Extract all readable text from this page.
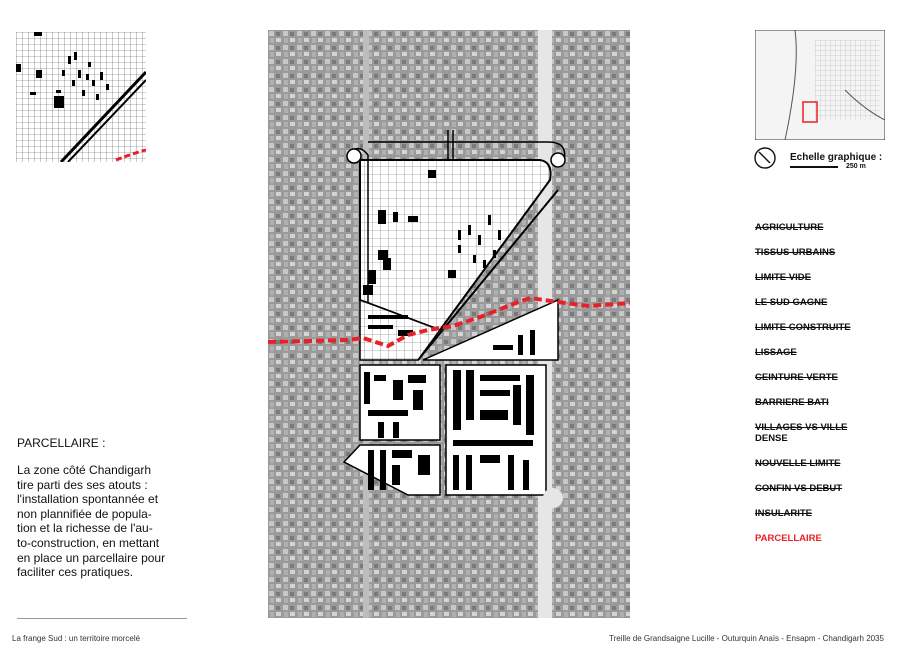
Echelle graphique :
250 m

AGRICULTURE

TISSUS URBAINS

LIMITE VIDE

LE SUD GAGNE

LIMITE CONSTRUITE

LISSAGE

CEINTURE VERTE

BARRIERE BATI

VILLAGES VS VILLE

DENSE

NOUVELLE LIMITE

CONFIN VS DEBUT

INSULARITE

PARCELLAIRE

PARCELLAIRE :
La zone côté Chandigarh
tire parti des ses atouts :
l'installation spontannée et
non plannifiée de popula-
tion et la richesse de l'au-
to-construction, en mettant
en place un parcellaire pour
faciliter ces pratiques.
La frange Sud : un territoire morcelé	Treille de Grandsaigne Lucille - Outurquin Anaïs - Ensapm - Chandigarh 2035
